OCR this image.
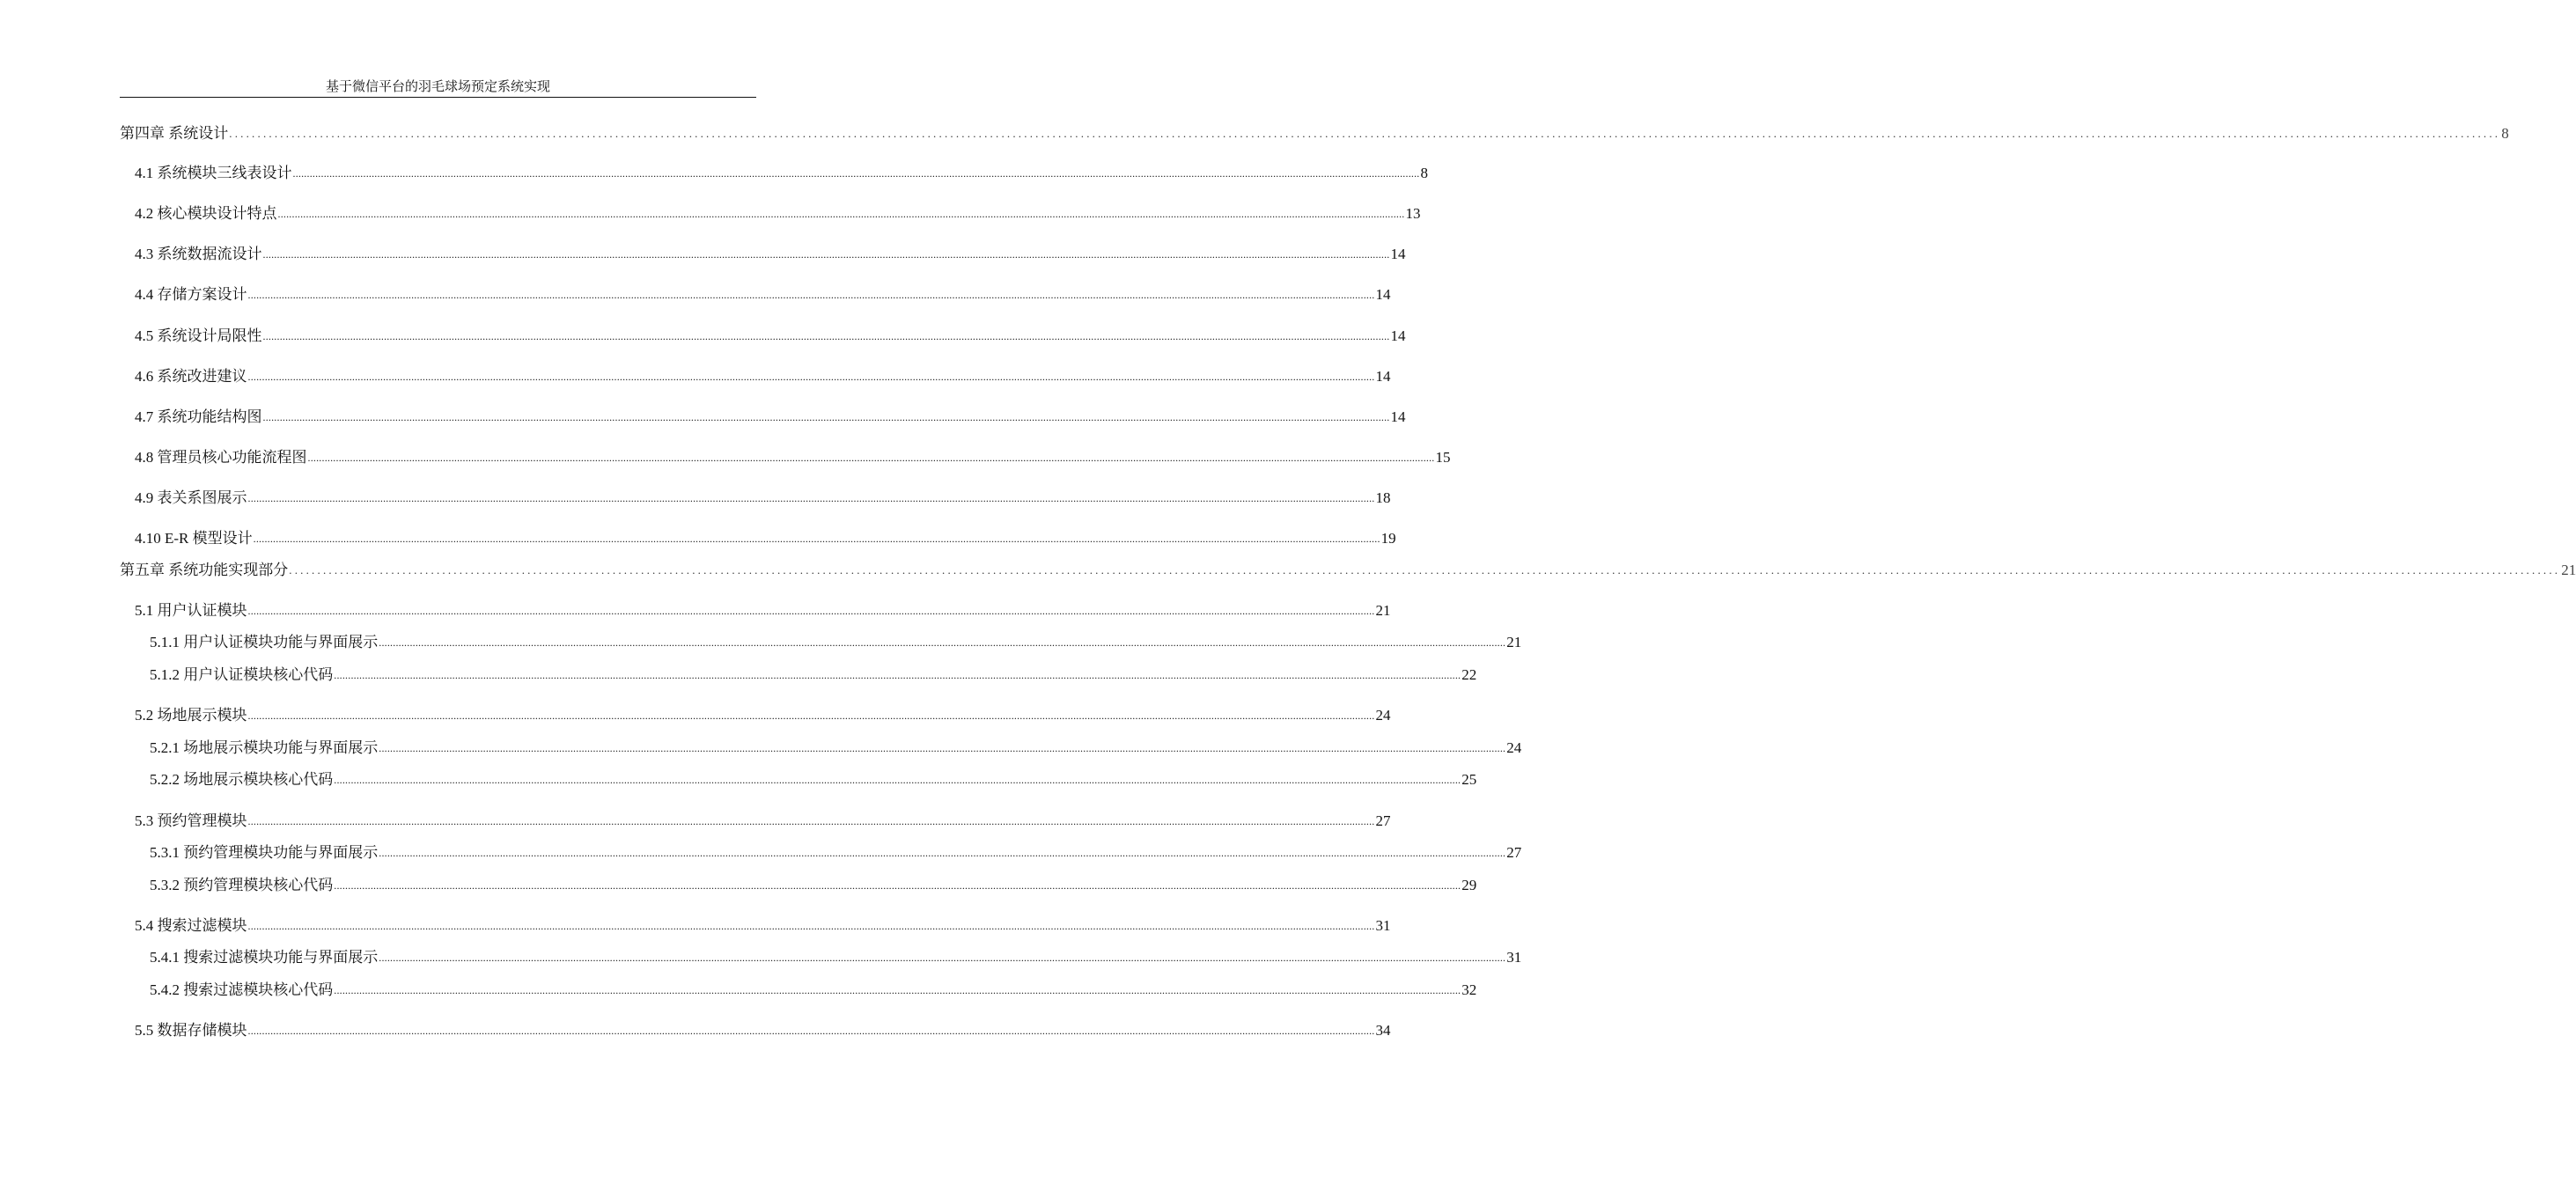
基于微信平台的羽毛球场预定系统实现
第四章 系统设计 ................................................................................................................................................................................................................................................................................................................................................................................................................ 8
4.1 系统模块三线表设计 ................................................................................................................................................................................................................................................................................................................................................................................................................ 8
4.2 核心模块设计特点 ................................................................................................................................................................................................................................................................................................................................................................................................................ 13
4.3 系统数据流设计 ................................................................................................................................................................................................................................................................................................................................................................................................................ 14
4.4 存储方案设计 ................................................................................................................................................................................................................................................................................................................................................................................................................ 14
4.5 系统设计局限性 ................................................................................................................................................................................................................................................................................................................................................................................................................ 14
4.6 系统改进建议 ................................................................................................................................................................................................................................................................................................................................................................................................................ 14
4.7 系统功能结构图 ................................................................................................................................................................................................................................................................................................................................................................................................................ 14
4.8 管理员核心功能流程图 ................................................................................................................................................................................................................................................................................................................................................................................................................ 15
4.9 表关系图展示 ................................................................................................................................................................................................................................................................................................................................................................................................................ 18
4.10 E-R 模型设计 ................................................................................................................................................................................................................................................................................................................................................................................................................ 19
第五章 系统功能实现部分 ................................................................................................................................................................................................................................................................................................................................................................................................................ 21
5.1 用户认证模块 ................................................................................................................................................................................................................................................................................................................................................................................................................ 21
5.1.1 用户认证模块功能与界面展示 ................................................................................................................................................................................................................................................................................................................................................................................................................ 21
5.1.2 用户认证模块核心代码 ................................................................................................................................................................................................................................................................................................................................................................................................................ 22
5.2 场地展示模块 ................................................................................................................................................................................................................................................................................................................................................................................................................ 24
5.2.1 场地展示模块功能与界面展示 ................................................................................................................................................................................................................................................................................................................................................................................................................ 24
5.2.2 场地展示模块核心代码 ................................................................................................................................................................................................................................................................................................................................................................................................................ 25
5.3 预约管理模块 ................................................................................................................................................................................................................................................................................................................................................................................................................ 27
5.3.1 预约管理模块功能与界面展示 ................................................................................................................................................................................................................................................................................................................................................................................................................ 27
5.3.2 预约管理模块核心代码 ................................................................................................................................................................................................................................................................................................................................................................................................................ 29
5.4 搜索过滤模块 ................................................................................................................................................................................................................................................................................................................................................................................................................ 31
5.4.1 搜索过滤模块功能与界面展示 ................................................................................................................................................................................................................................................................................................................................................................................................................ 31
5.4.2 搜索过滤模块核心代码 ................................................................................................................................................................................................................................................................................................................................................................................................................ 32
5.5 数据存储模块 ................................................................................................................................................................................................................................................................................................................................................................................................................ 34
